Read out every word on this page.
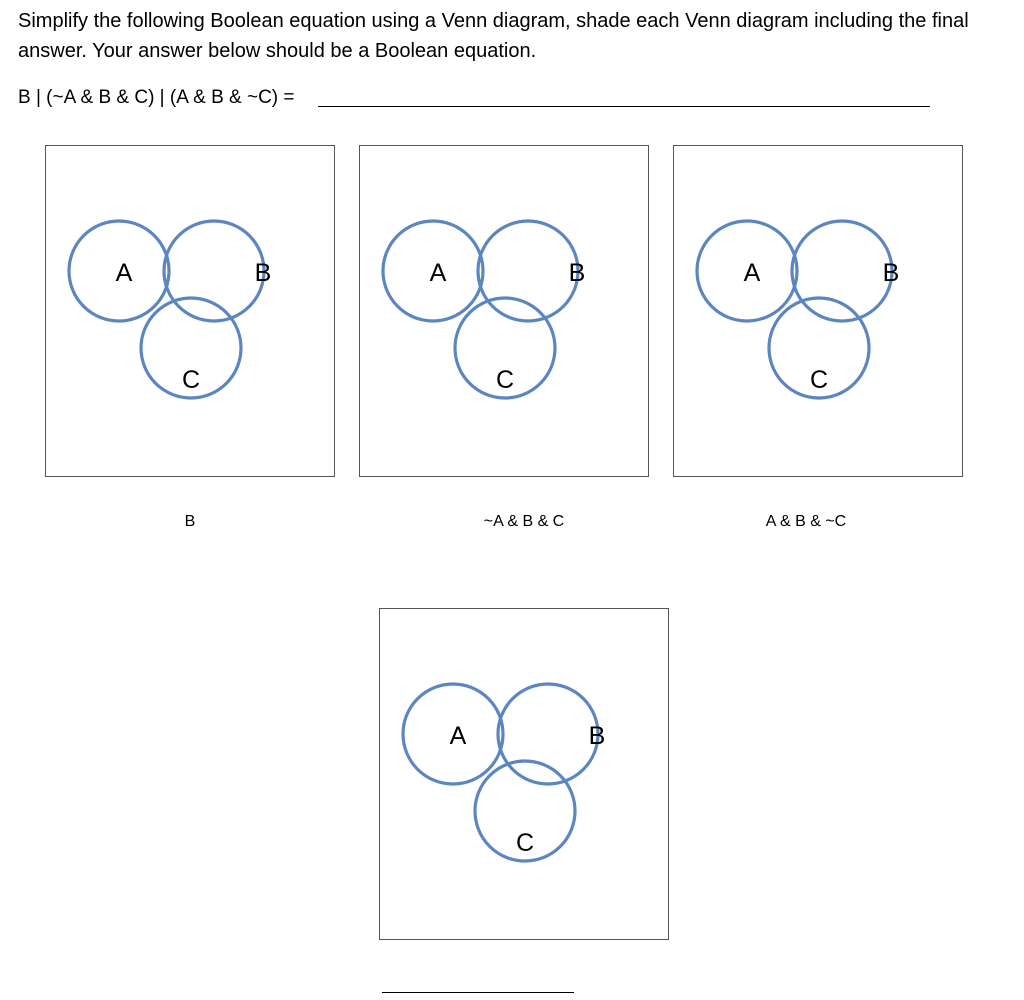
Simplify the following Boolean equation using a Venn diagram, shade each Venn diagram including the final answer. Your answer below should be a Boolean equation.

B | (~A & B & C) | (A & B & ~C) =
A	B
C
B
A	B
C
~A & B & C
A	B
C
A & B & ~C
A	B
C
